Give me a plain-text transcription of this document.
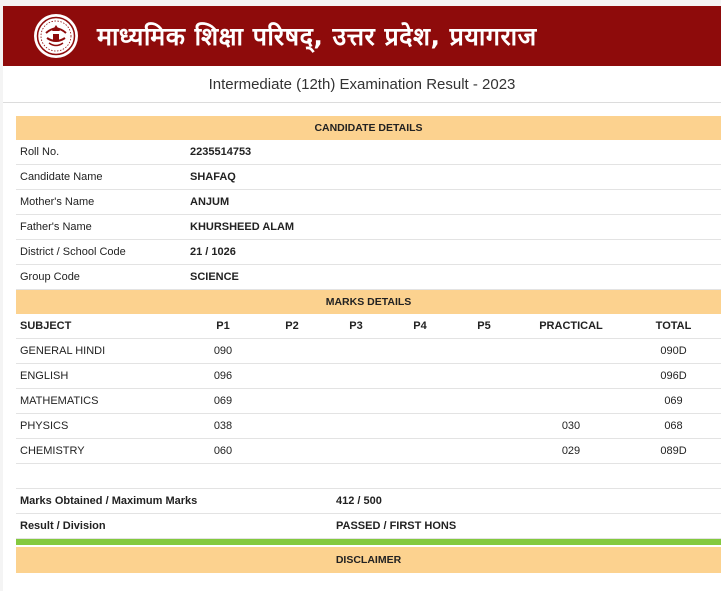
माध्यमिक शिक्षा परिषद्, उत्तर प्रदेश, प्रयागराज
Intermediate (12th) Examination Result - 2023
CANDIDATE DETAILS							
Roll No.	2235514753						
Candidate Name	SHAFAQ						
Mother's Name	ANJUM						
Father's Name	KHURSHEED ALAM						
District / School Code	21 / 1026						
Group Code	SCIENCE						
MARKS DETAILS							
SUBJECT	P1	P2	P3	P4	P5	PRACTICAL	TOTAL
GENERAL HINDI	090						090D
ENGLISH	096						096D
MATHEMATICS	069						069
PHYSICS	038					030	068
CHEMISTRY	060					029	089D

Marks Obtained / Maximum Marks			412 / 500				
Result / Division			PASSED / FIRST HONS				

DISCLAIMER							
